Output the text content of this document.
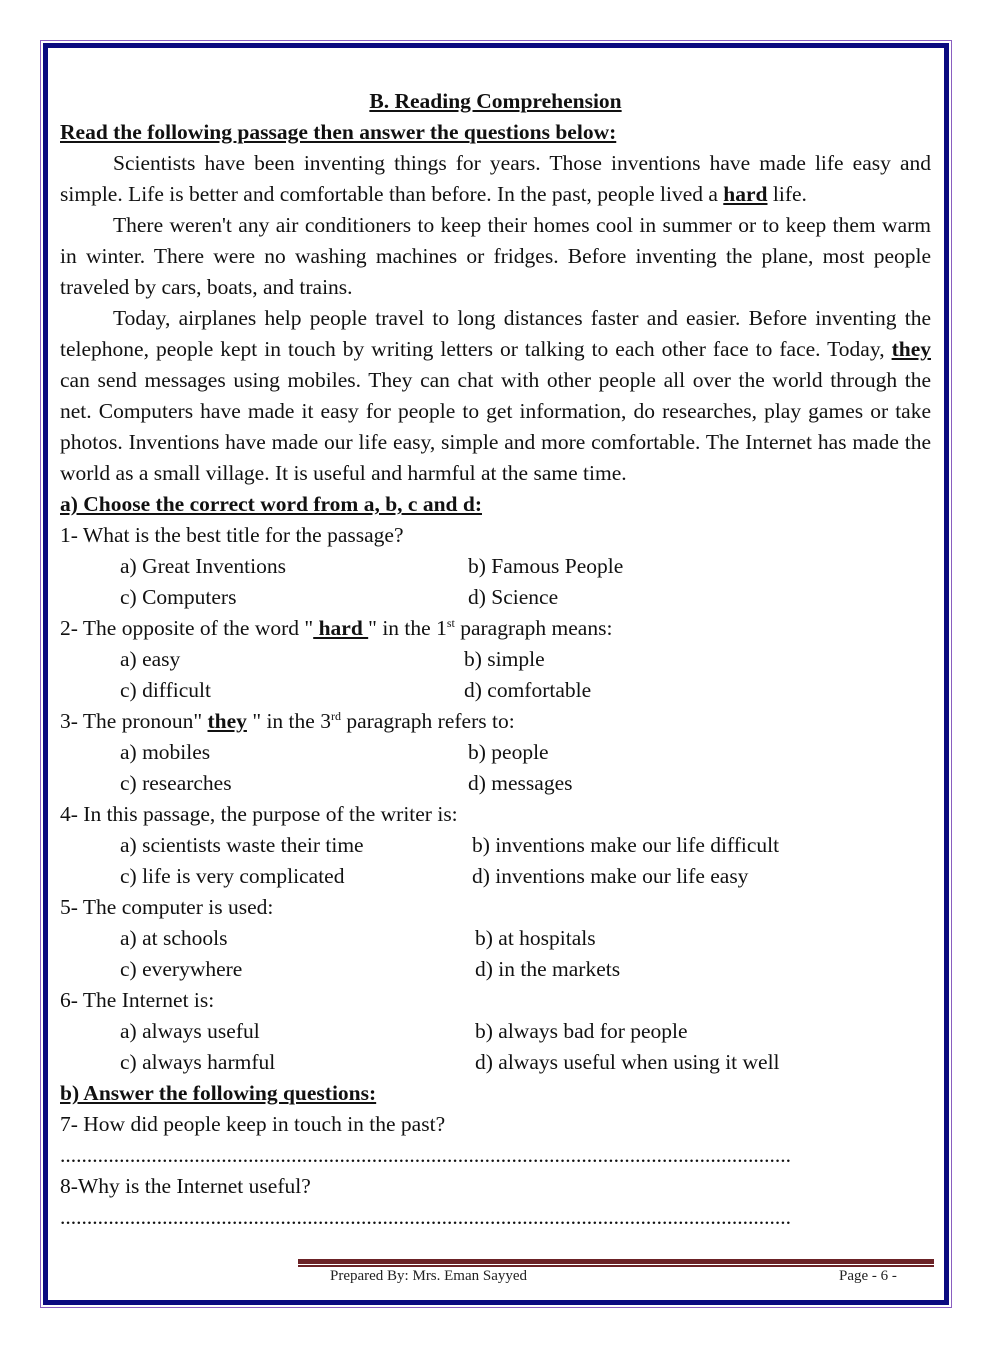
B. Reading Comprehension
Read the following passage then answer the questions below:

Scientists have been inventing things for years. Those inventions have made life easy and simple. Life is better and comfortable than before. In the past, people lived a hard life.

There weren't any air conditioners to keep their homes cool in summer or to keep them warm in winter. There were no washing machines or fridges. Before inventing the plane, most people traveled by cars, boats, and trains.

Today, airplanes help people travel to long distances faster and easier. Before inventing the telephone, people kept in touch by writing letters or talking to each other face to face. Today, they can send messages using mobiles. They can chat with other people all over the world through the net. Computers have made it easy for people to get information, do researches, play games or take photos. Inventions have made our life easy, simple and more comfortable. The Internet has made the world as a small village. It is useful and harmful at the same time.

a) Choose the correct word from a, b, c and d:
1- What is the best title for the passage?
a) Great Inventions	b) Famous People
c) Computers	d) Science
2- The opposite of the word " hard " in the 1st paragraph means:
a) easy	b) simple
c) difficult	d) comfortable
3- The pronoun" they " in the 3rd paragraph refers to:
a) mobiles	b) people
c) researches	d) messages
4- In this passage, the purpose of the writer is:
a) scientists waste their time	b) inventions make our life difficult
c) life is very complicated	d) inventions make our life easy
5- The computer is used:
a) at schools	b) at hospitals
c) everywhere	d) in the markets
6- The Internet is:
a) always useful	b) always bad for people
c) always harmful	d) always useful when using it well
b) Answer the following questions:
7- How did people keep in touch in the past?
........................................................................................................................................
8-Why is the Internet useful?
........................................................................................................................................
Prepared By: Mrs. Eman Sayyed	Page - 6 -
